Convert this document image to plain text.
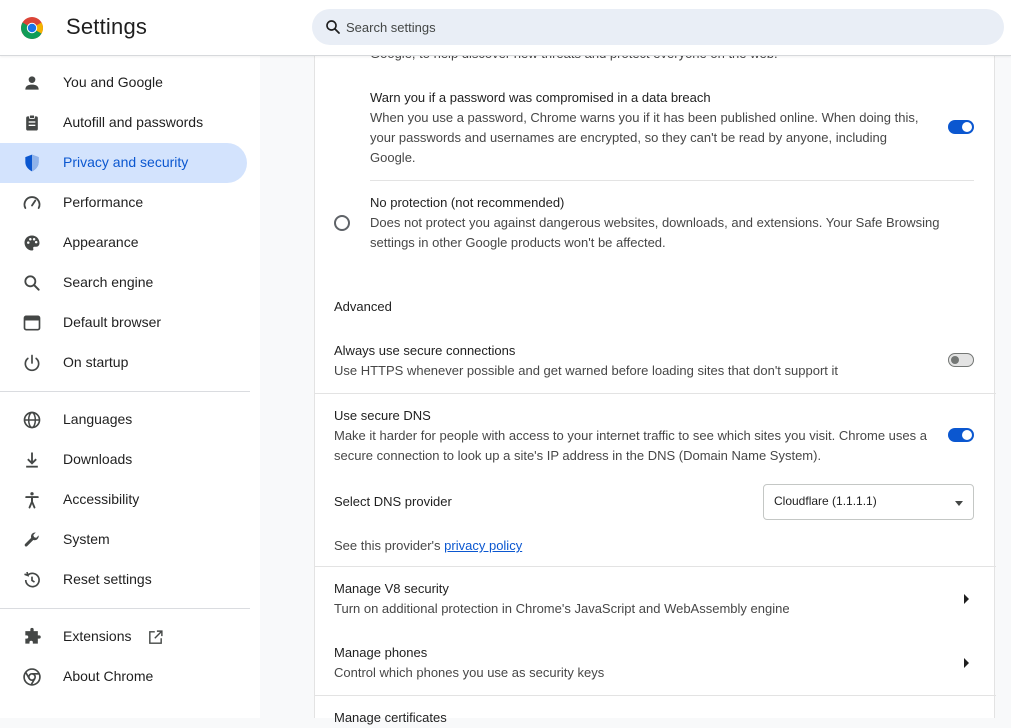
Settings
Search settings
You and Google
Autofill and passwords
Privacy and security
Performance
Appearance
Search engine
Default browser
On startup
Languages
Downloads
Accessibility
System
Reset settings
Extensions
About Chrome
Warn you if a password was compromised in a data breach
When you use a password, Chrome warns you if it has been published online. When doing this,
your passwords and usernames are encrypted, so they can't be read by anyone, including
Google.
No protection (not recommended)
Does not protect you against dangerous websites, downloads, and extensions. Your Safe Browsing
settings in other Google products won't be affected.
Advanced
Always use secure connections
Use HTTPS whenever possible and get warned before loading sites that don't support it
Use secure DNS
Make it harder for people with access to your internet traffic to see which sites you visit. Chrome uses a
secure connection to look up a site's IP address in the DNS (Domain Name System).
Select DNS provider	Cloudflare (1.1.1.1)
See this provider's privacy policy
Manage V8 security
Turn on additional protection in Chrome's JavaScript and WebAssembly engine
Manage phones
Control which phones you use as security keys
Manage certificates
